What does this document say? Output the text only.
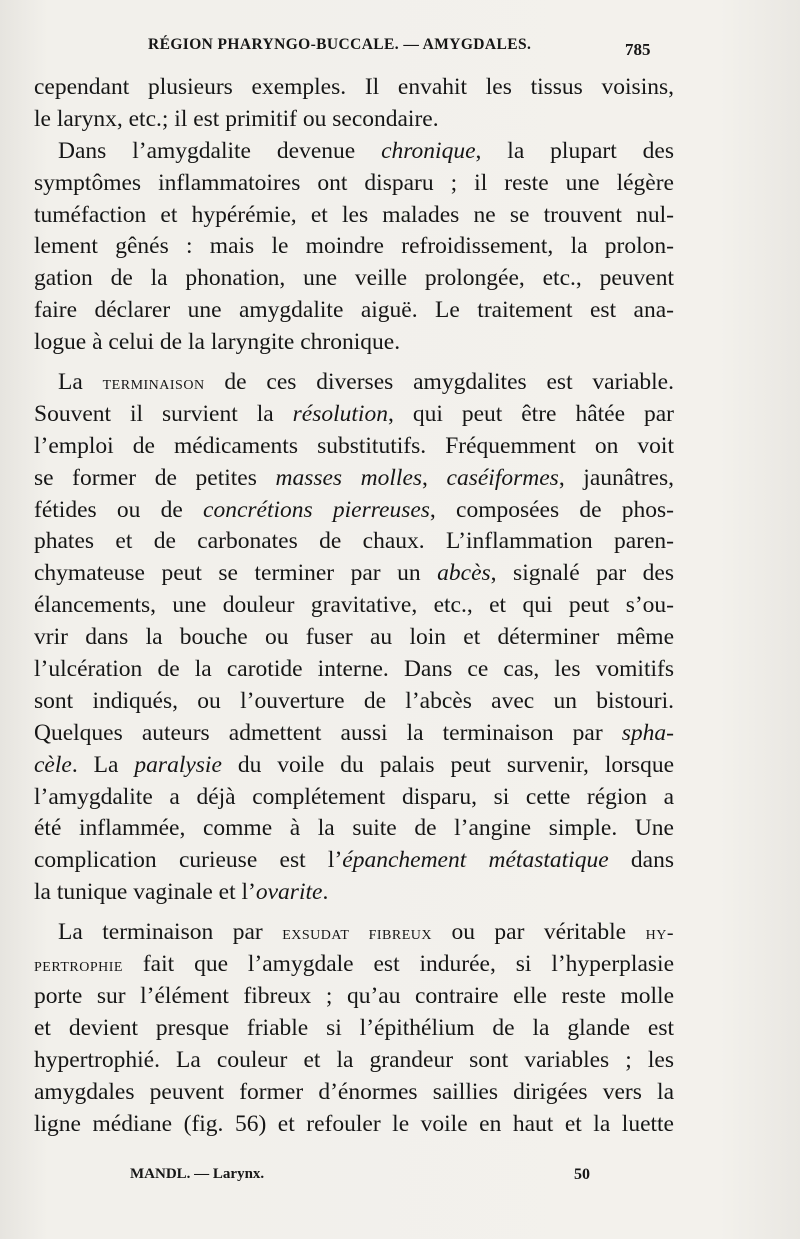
RÉGION PHARYNGO-BUCCALE. — AMYGDALES.	785
cependant plusieurs exemples. Il envahit les tissus voisins,
le larynx, etc.; il est primitif ou secondaire.
Dans l’amygdalite devenue chronique, la plupart des
symptômes inflammatoires ont disparu ; il reste une légère
tuméfaction et hypérémie, et les malades ne se trouvent nul-
lement gênés : mais le moindre refroidissement, la prolon-
gation de la phonation, une veille prolongée, etc., peuvent
faire déclarer une amygdalite aiguë. Le traitement est ana-
logue à celui de la laryngite chronique.
La terminaison de ces diverses amygdalites est variable.
Souvent il survient la résolution, qui peut être hâtée par
l’emploi de médicaments substitutifs. Fréquemment on voit
se former de petites masses molles, caséiformes, jaunâtres,
fétides ou de concrétions pierreuses, composées de phos-
phates et de carbonates de chaux. L’inflammation paren-
chymateuse peut se terminer par un abcès, signalé par des
élancements, une douleur gravitative, etc., et qui peut s’ou-
vrir dans la bouche ou fuser au loin et déterminer même
l’ulcération de la carotide interne. Dans ce cas, les vomitifs
sont indiqués, ou l’ouverture de l’abcès avec un bistouri.
Quelques auteurs admettent aussi la terminaison par spha-
cèle. La paralysie du voile du palais peut survenir, lorsque
l’amygdalite a déjà complétement disparu, si cette région a
été inflammée, comme à la suite de l’angine simple. Une
complication curieuse est l’épanchement métastatique dans
la tunique vaginale et l’ovarite.
La terminaison par exsudat fibreux ou par véritable hy-
pertrophie fait que l’amygdale est indurée, si l’hyperplasie
porte sur l’élément fibreux ; qu’au contraire elle reste molle
et devient presque friable si l’épithélium de la glande est
hypertrophié. La couleur et la grandeur sont variables ; les
amygdales peuvent former d’énormes saillies dirigées vers la
ligne médiane (fig. 56) et refouler le voile en haut et la luette
MANDL. — Larynx.	50
